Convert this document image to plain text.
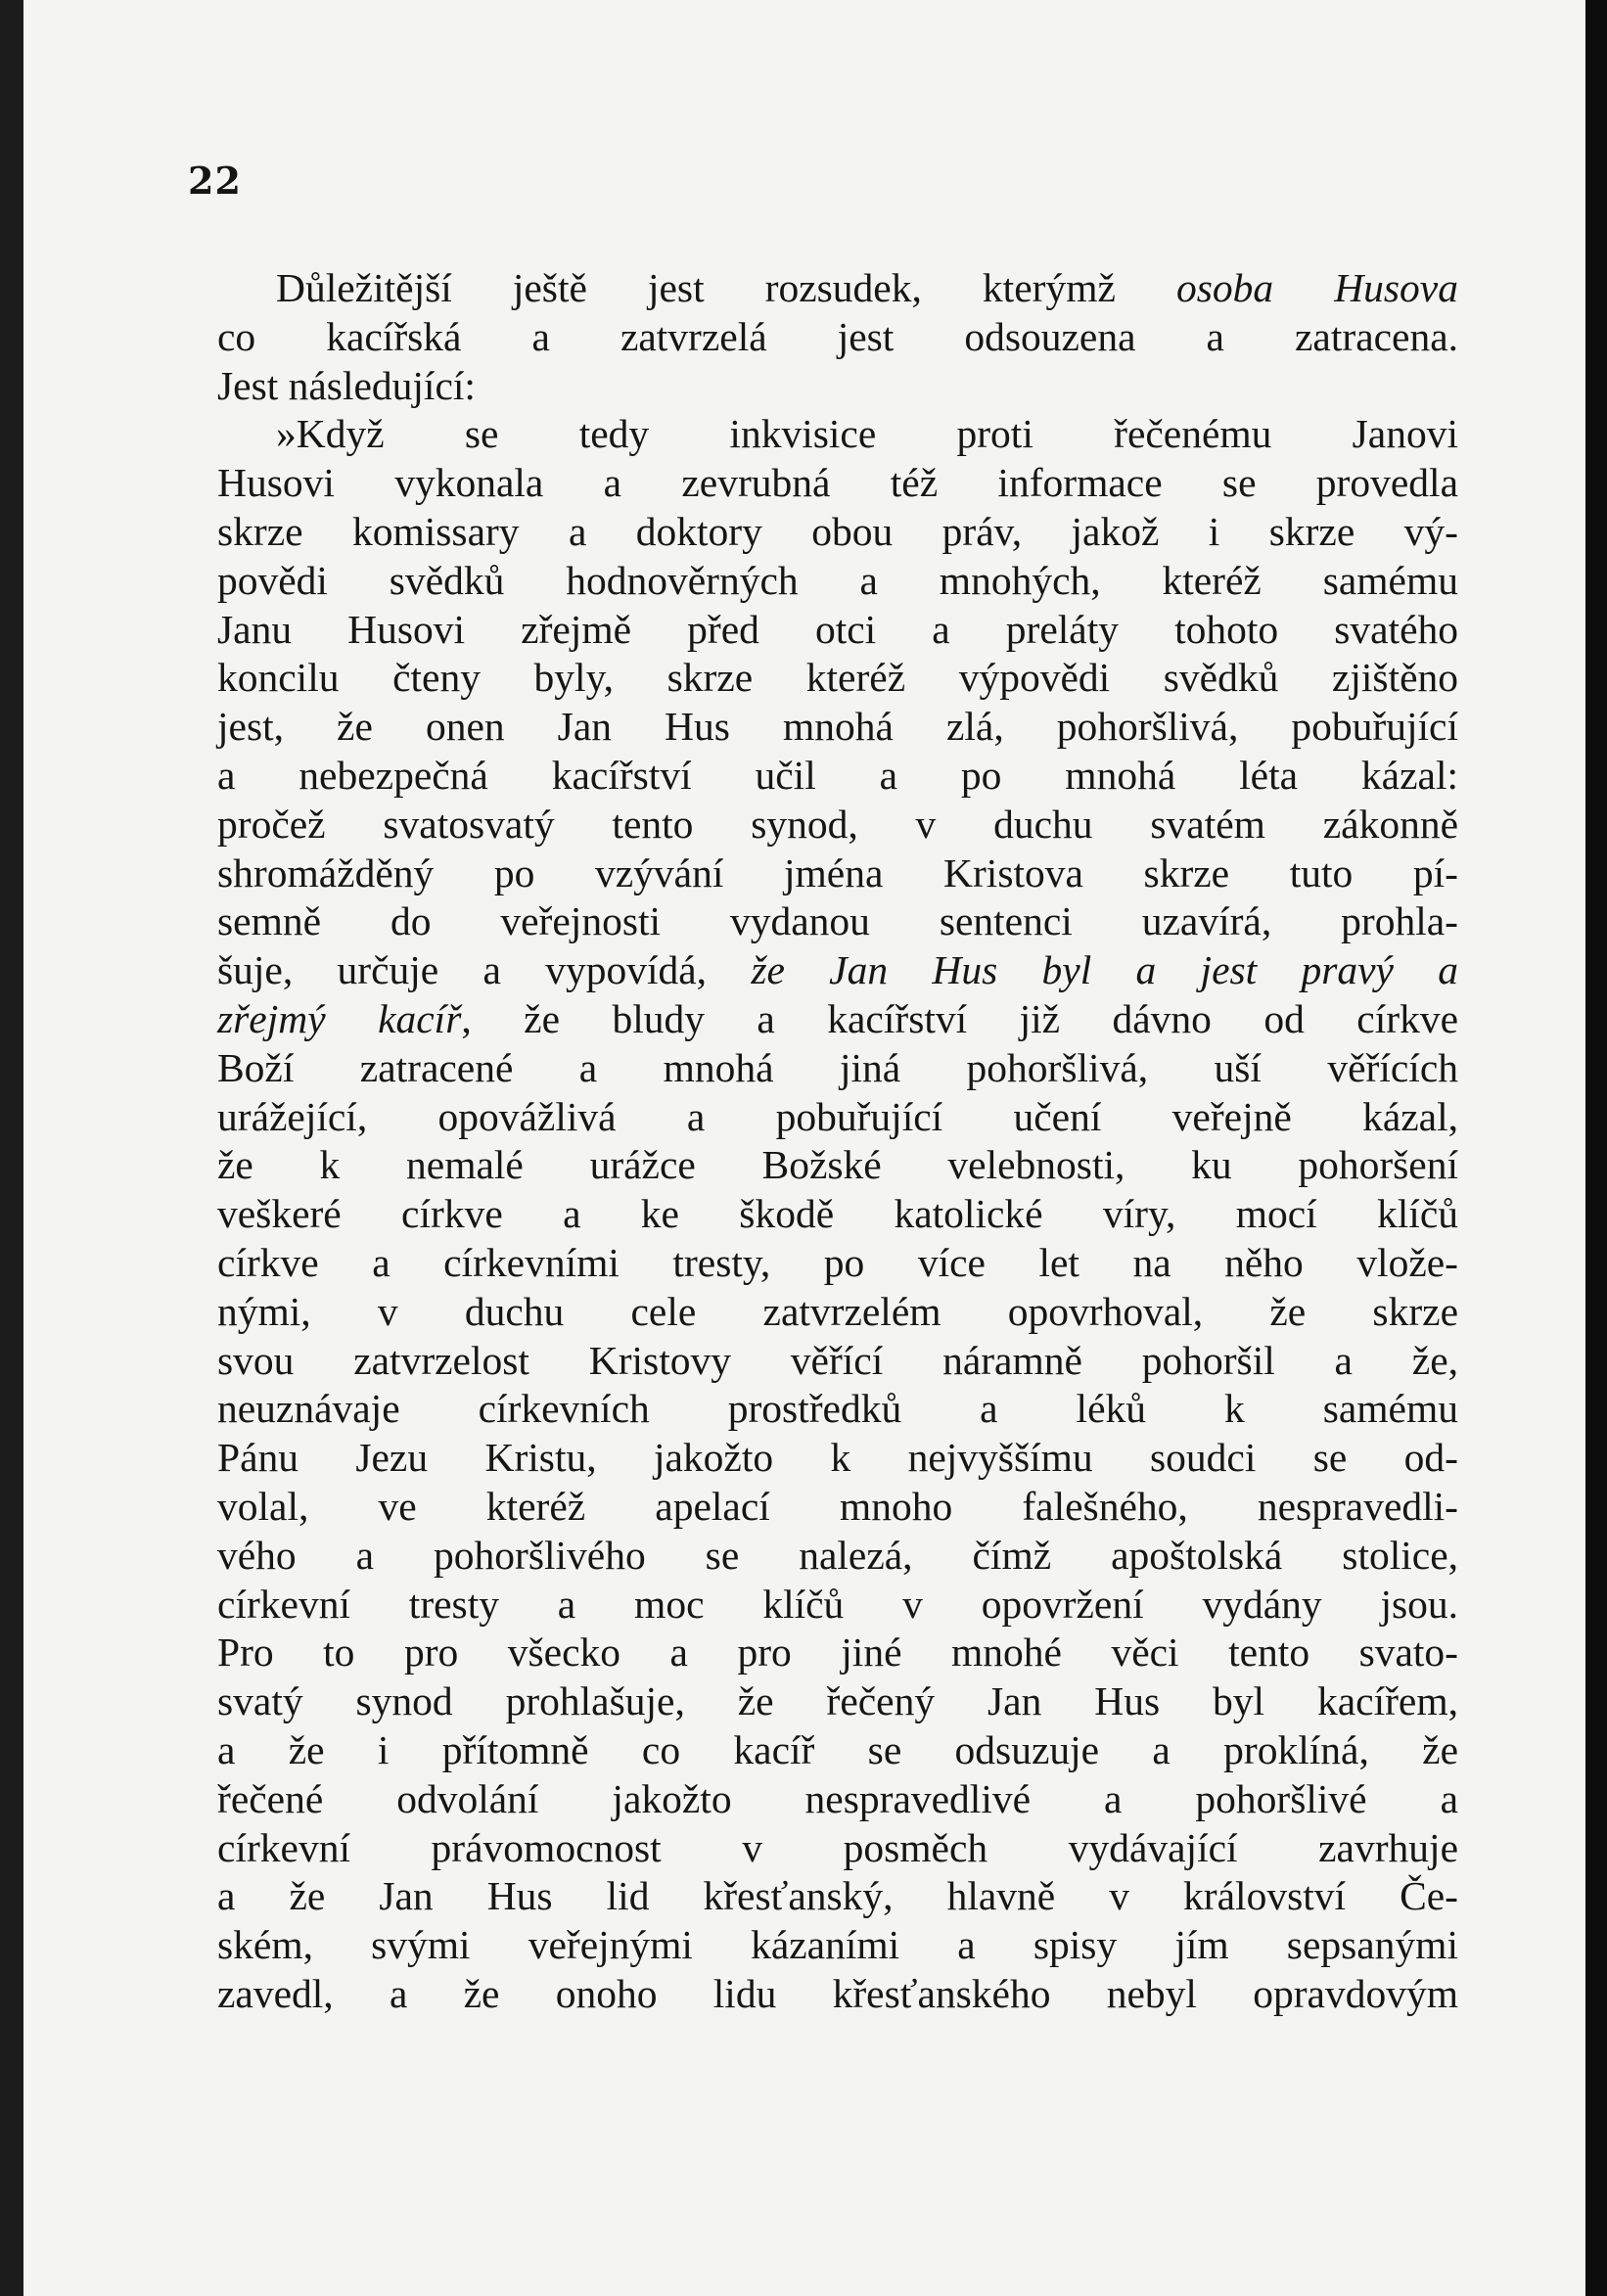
22
Důležitější ještě jest rozsudek, kterýmž osoba Husova
co kacířská a zatvrzelá jest odsouzena a zatracena.
Jest následující:
»Když se tedy inkvisice proti řečenému Janovi
Husovi vykonala a zevrubná též informace se provedla
skrze komissary a doktory obou práv, jakož i skrze vý-
povědi svědků hodnověrných a mnohých, kteréž samému
Janu Husovi zřejmě před otci a preláty tohoto svatého
koncilu čteny byly, skrze kteréž výpovědi svědků zjištěno
jest, že onen Jan Hus mnohá zlá, pohoršlivá, pobuřující
a nebezpečná kacířství učil a po mnohá léta kázal:
pročež svatosvatý tento synod, v duchu svatém zákonně
shromážděný po vzývání jména Kristova skrze tuto pí-
semně do veřejnosti vydanou sentenci uzavírá, prohla-
šuje, určuje a vypovídá, že Jan Hus byl a jest pravý a
zřejmý kacíř, že bludy a kacířství již dávno od církve
Boží zatracené a mnohá jiná pohoršlivá, uší věřících
urážející, opovážlivá a pobuřující učení veřejně kázal,
že k nemalé urážce Božské velebnosti, ku pohoršení
veškeré církve a ke škodě katolické víry, mocí klíčů
církve a církevními tresty, po více let na něho vlože-
nými, v duchu cele zatvrzelém opovrhoval, že skrze
svou zatvrzelost Kristovy věřící náramně pohoršil a že,
neuznávaje církevních prostředků a léků k samému
Pánu Jezu Kristu, jakožto k nejvyššímu soudci se od-
volal, ve kteréž apelací mnoho falešného, nespravedli-
vého a pohoršlivého se nalezá, čímž apoštolská stolice,
církevní tresty a moc klíčů v opovržení vydány jsou.
Pro to pro všecko a pro jiné mnohé věci tento svato-
svatý synod prohlašuje, že řečený Jan Hus byl kacířem,
a že i přítomně co kacíř se odsuzuje a proklíná, že
řečené odvolání jakožto nespravedlivé a pohoršlivé a
církevní právomocnost v posměch vydávající zavrhuje
a že Jan Hus lid křesťanský, hlavně v království Če-
ském, svými veřejnými kázaními a spisy jím sepsanými
zavedl, a že onoho lidu křesťanského nebyl opravdovým
